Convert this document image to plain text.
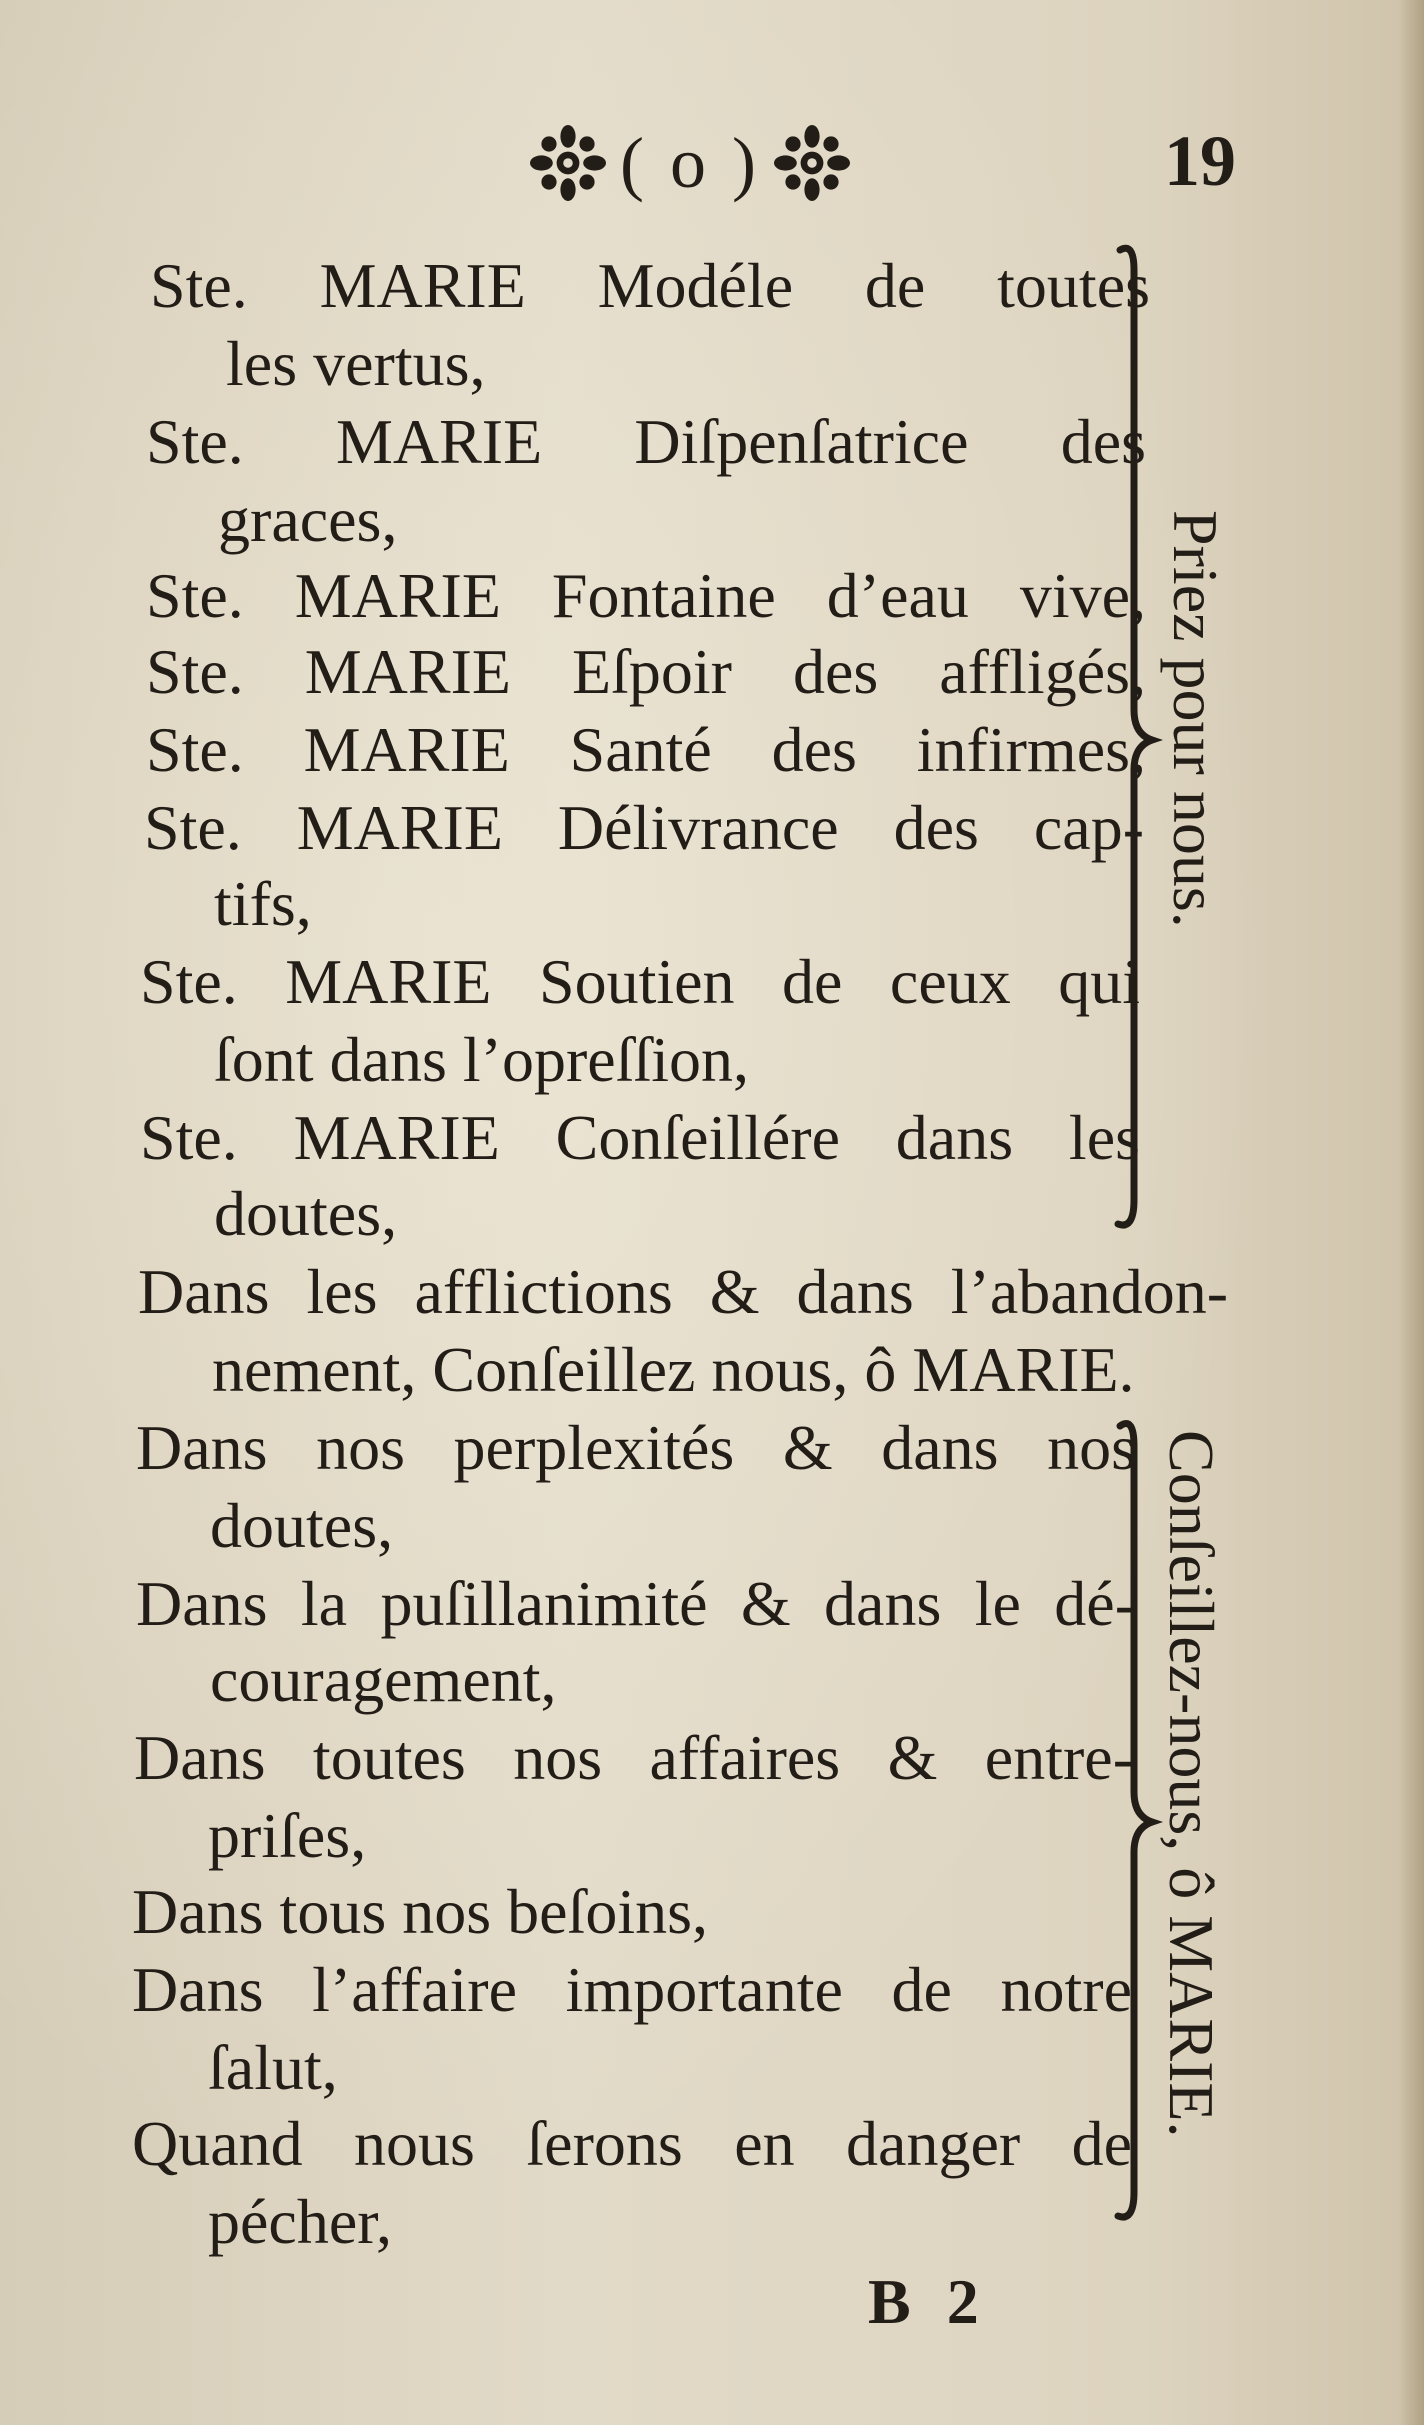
( o )	19
Ste. MARIE Modéle de toutes
les vertus,
Ste. MARIE Diſpenſatrice des
graces,
Ste. MARIE Fontaine d’eau vive,
Ste. MARIE Eſpoir des affligés,
Ste. MARIE Santé des infirmes,
Ste. MARIE Délivrance des cap-
tifs,
Ste. MARIE Soutien de ceux qui
ſont dans l’opreſſion,
Ste. MARIE Conſeillére dans les
doutes,
Priez pour nous.
Dans les afflictions & dans l’abandon-
nement, Conſeillez nous, ô MARIE.
Dans nos perplexités & dans nos
doutes,
Dans la puſillanimité & dans le dé-
couragement,
Dans toutes nos affaires & entre-
priſes,
Dans tous nos beſoins,
Dans l’affaire importante de notre
ſalut,
Quand nous ſerons en danger de
pécher,
Conſeillez-nous, ô MARIE.
B 2
